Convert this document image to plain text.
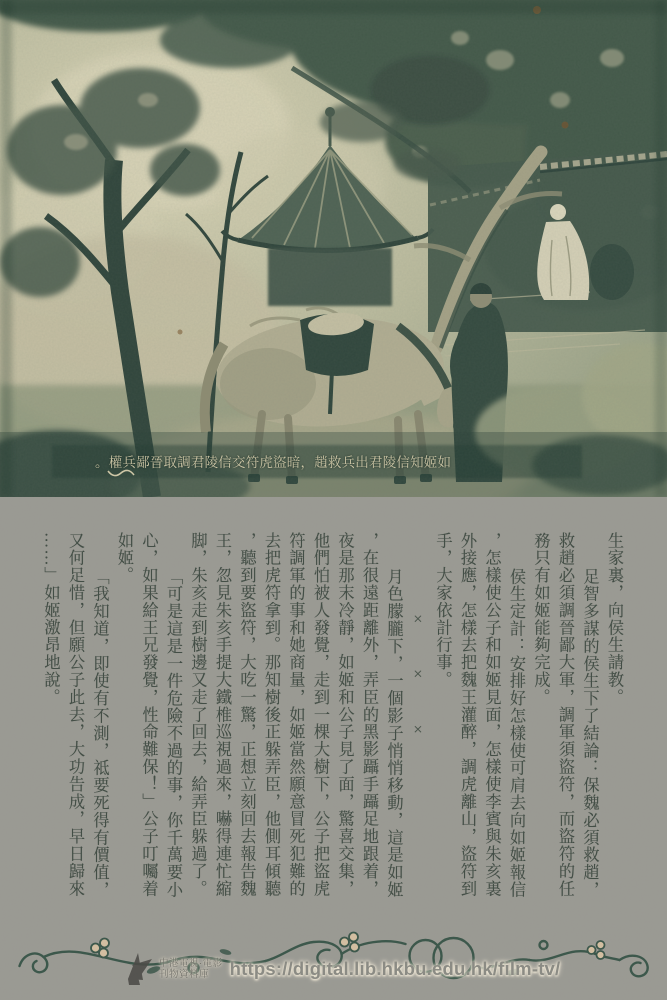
。權兵鄙晉取調君陵信交符虎盜暗，趙救兵出君陵信知姬如

生家裏，向侯生請教。

足智多謀的侯生下了結論：保魏必須救趙，救趙必須調晉鄙大軍，調軍須盜符，而盜符的任務只有如姬能夠完成。

侯生定計：安排好怎樣使可肩去向如姬報信，怎樣使公子和如姬見面，怎樣使李賓與朱亥裏外接應，怎樣去把魏王灌醉，調虎離山，盜符到手，大家依計行事。

×　　×　　×

月色朦朧下，一個影子悄悄移動，這是如姬，在很遠距離外，弄臣的黑影躡手躡足地跟着，夜是那末冷靜，如姬和公子見了面，驚喜交集，他們怕被人發覺，走到一棵大樹下，公子把盜虎符調軍的事和她商量，如姬當然願意冒死犯難的去把虎符拿到。那知樹後正躲弄臣，他側耳傾聽，聽到要盜符，大吃一驚，正想立刻回去報告魏王，忽見朱亥手提大鐵椎巡視過來，嚇得連忙縮脚，朱亥走到樹邊又走了回去，給弄臣躲過了。

「可是這是一件危險不過的事，你千萬要小心，如果給王兄發覺，性命難保！」公子叮囑着如姬。

「我知道，即使有不測，祗要死得有價值，又何足惜，但願公子此去，大功告成，早日歸來……」如姬激昂地說。

中港電視·電影
刊物資料庫	https://digital.lib.hkbu.edu.hk/film-tv/
